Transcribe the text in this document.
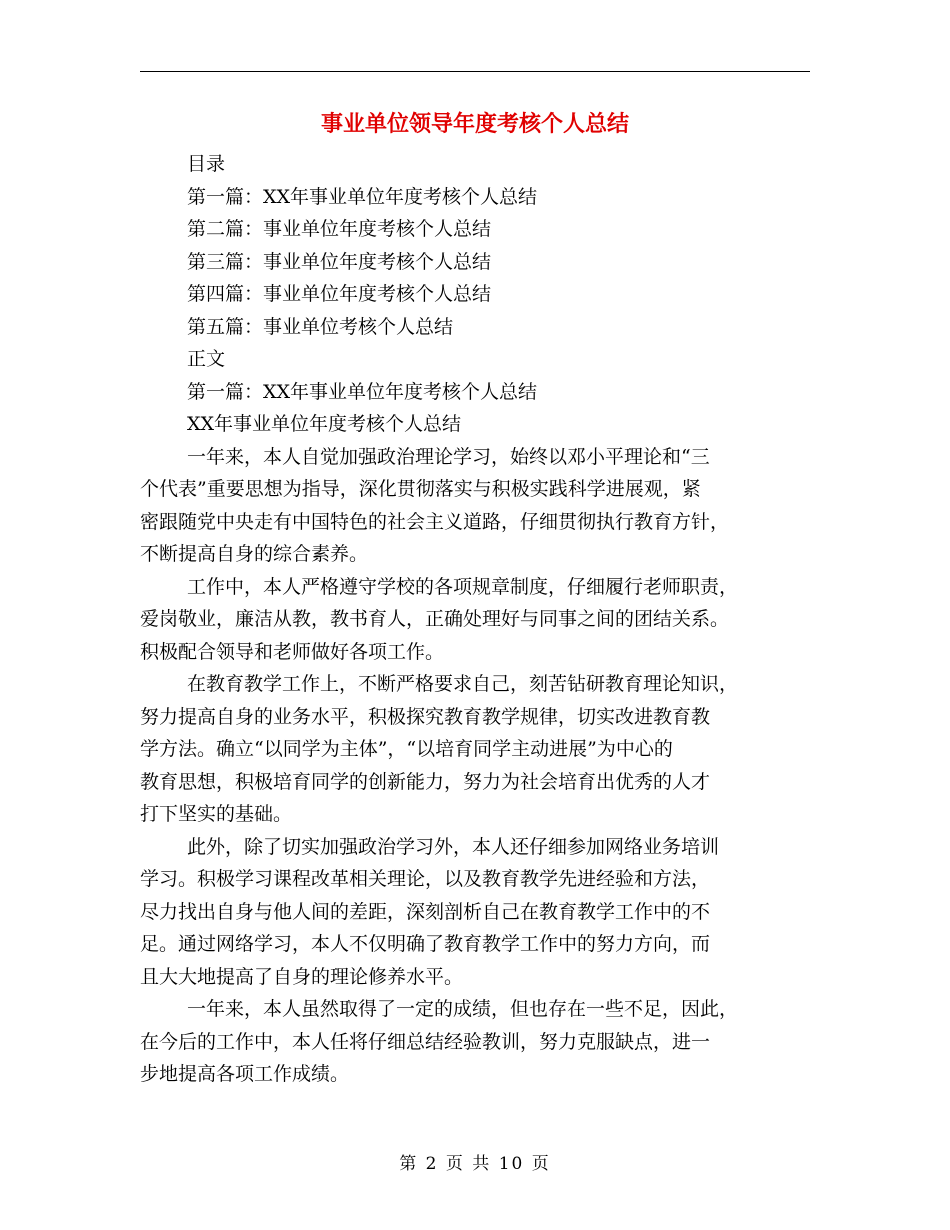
事业单位领导年度考核个人总结
目录
第一篇：XX年事业单位年度考核个人总结
第二篇：事业单位年度考核个人总结
第三篇：事业单位年度考核个人总结
第四篇：事业单位年度考核个人总结
第五篇：事业单位考核个人总结
正文
第一篇：XX年事业单位年度考核个人总结
XX年事业单位年度考核个人总结
一年来，本人自觉加强政治理论学习，始终以邓小平理论和“三
个代表”重要思想为指导，深化贯彻落实与积极实践科学进展观，紧
密跟随党中央走有中国特色的社会主义道路，仔细贯彻执行教育方针，
不断提高自身的综合素养。
工作中，本人严格遵守学校的各项规章制度，仔细履行老师职责，
爱岗敬业，廉洁从教，教书育人，正确处理好与同事之间的团结关系。
积极配合领导和老师做好各项工作。
在教育教学工作上，不断严格要求自己，刻苦钻研教育理论知识，
努力提高自身的业务水平，积极探究教育教学规律，切实改进教育教
学方法。确立“以同学为主体”，“以培育同学主动进展”为中心的
教育思想，积极培育同学的创新能力，努力为社会培育出优秀的人才
打下坚实的基础。
此外，除了切实加强政治学习外，本人还仔细参加网络业务培训
学习。积极学习课程改革相关理论，以及教育教学先进经验和方法，
尽力找出自身与他人间的差距，深刻剖析自己在教育教学工作中的不
足。通过网络学习，本人不仅明确了教育教学工作中的努力方向，而
且大大地提高了自身的理论修养水平。
一年来，本人虽然取得了一定的成绩，但也存在一些不足，因此，
在今后的工作中，本人任将仔细总结经验教训，努力克服缺点，进一
步地提高各项工作成绩。
第 2 页 共 10 页
